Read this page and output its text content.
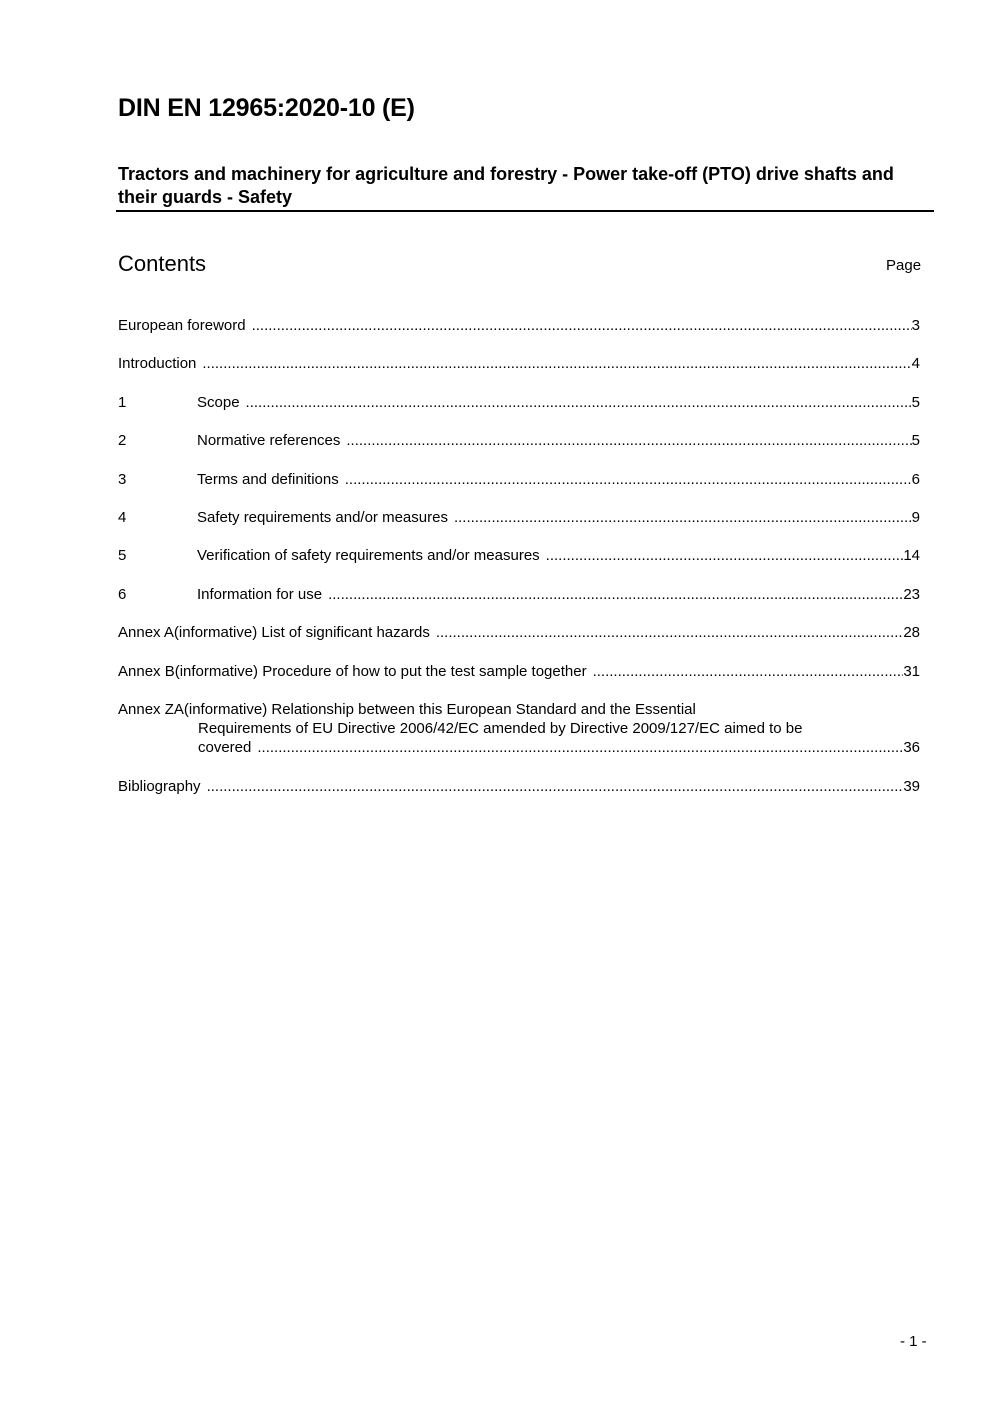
DIN EN 12965:2020-10 (E)
Tractors and machinery for agriculture and forestry - Power take-off (PTO) drive shafts and their guards - Safety
Contents	Page
European foreword .....	3
Introduction .....	4
1	Scope .....	5
2	Normative references .....	5
3	Terms and definitions .....	6
4	Safety requirements and/or measures .....	9
5	Verification of safety requirements and/or measures .....	14
6	Information for use .....	23
Annex A(informative) List of significant hazards .....	28
Annex B(informative) Procedure of how to put the test sample together .....	31
Annex ZA(informative) Relationship between this European Standard and the Essential
Requirements of EU Directive 2006/42/EC amended by Directive 2009/127/EC aimed to be
covered .....	36
Bibliography .....	39
- 1 -
